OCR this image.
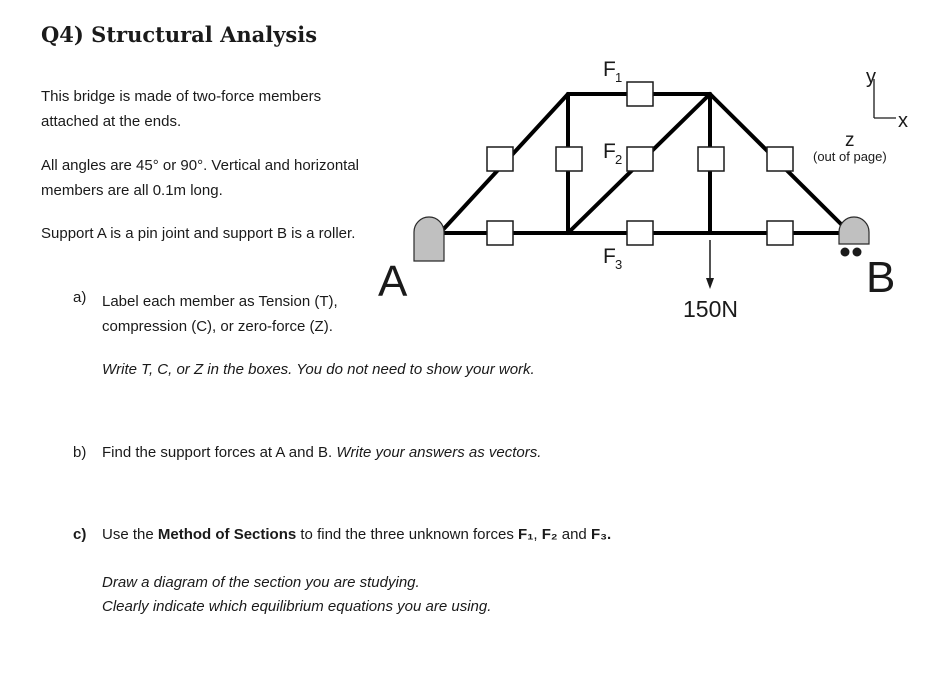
Q4) Structural Analysis
This bridge is made of two-force members attached at the ends.
All angles are 45° or 90°. Vertical and horizontal members are all 0.1m long.
Support A is a pin joint and support B is a roller.
a) Label each member as Tension (T), compression (C), or zero-force (Z).
Write T, C, or Z in the boxes. You do not need to show your work.
b) Find the support forces at A and B. Write your answers as vectors.
c) Use the Method of Sections to find the three unknown forces F₁, F₂ and F₃.
Draw a diagram of the section you are studying.
Clearly indicate which equilibrium equations you are using.
A	B
150N
F 1
F 2
F 3
y
x
z
(out of page)
